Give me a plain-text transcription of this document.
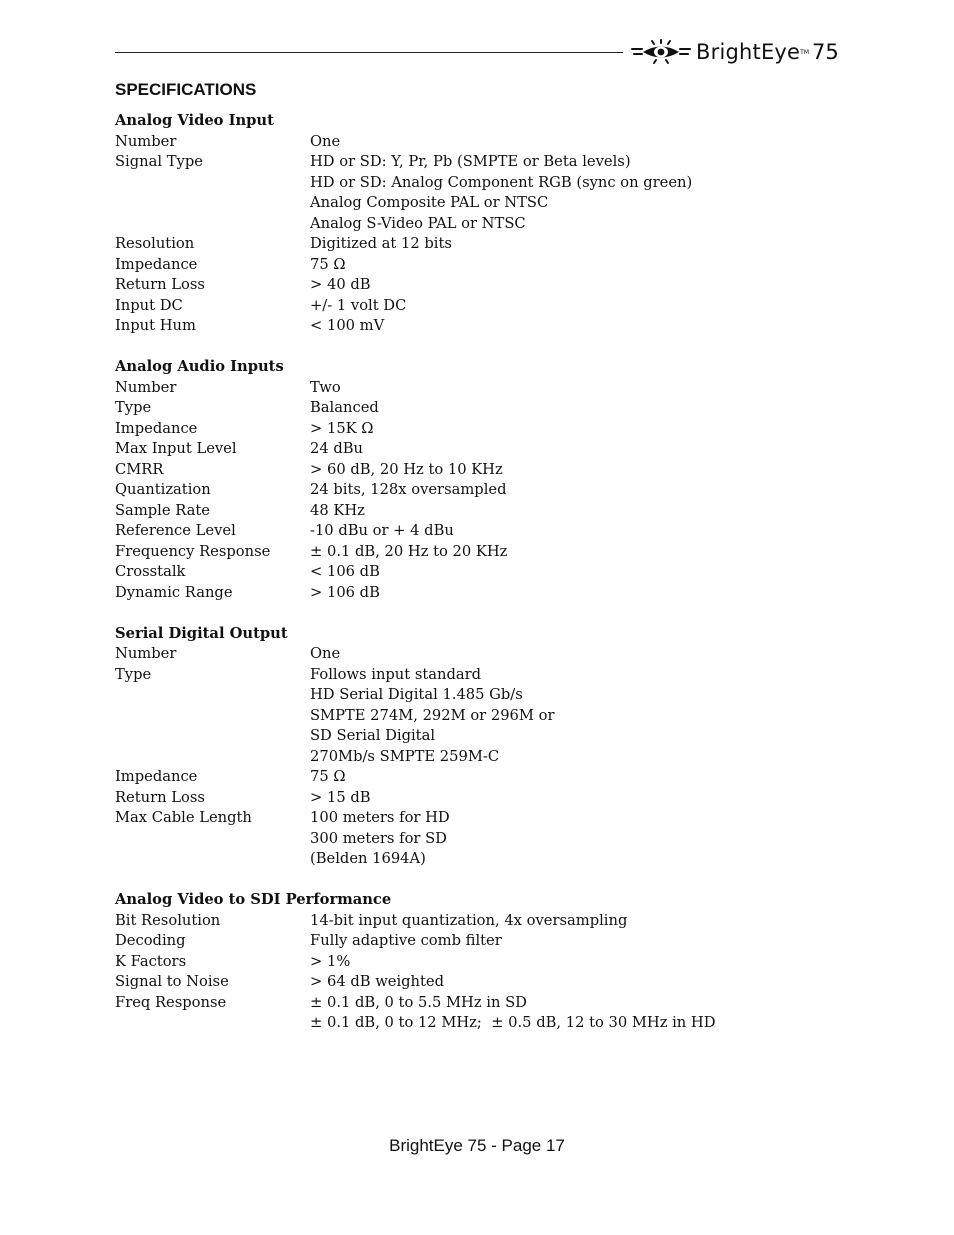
BrightEye TM 75
SPECIFICATIONS
Analog Video Input
Number	One
Signal Type	HD or SD: Y, Pr, Pb (SMPTE or Beta levels)
HD or SD: Analog Component RGB (sync on green)
Analog Composite PAL or NTSC
Analog S-Video PAL or NTSC
Resolution	Digitized at 12 bits
Impedance	75 Ω
Return Loss	> 40 dB
Input DC	+/- 1 volt DC
Input Hum	< 100 mV
Analog Audio Inputs
Number	Two
Type	Balanced
Impedance	> 15K Ω
Max Input Level	24 dBu
CMRR	> 60 dB, 20 Hz to 10 KHz
Quantization	24 bits, 128x oversampled
Sample Rate	48 KHz
Reference Level	-10 dBu or + 4 dBu
Frequency Response	± 0.1 dB, 20 Hz to 20 KHz
Crosstalk	< 106 dB
Dynamic Range	> 106 dB
Serial Digital Output
Number	One
Type	Follows input standard
HD Serial Digital 1.485 Gb/s
SMPTE 274M, 292M or 296M or
SD Serial Digital
270Mb/s SMPTE 259M-C
Impedance	75 Ω
Return Loss	> 15 dB
Max Cable Length	100 meters for HD
300 meters for SD
(Belden 1694A)
Analog Video to SDI Performance
Bit Resolution	14-bit input quantization, 4x oversampling
Decoding	Fully adaptive comb filter
K Factors	> 1%
Signal to Noise	> 64 dB weighted
Freq Response	± 0.1 dB, 0 to 5.5 MHz in SD
± 0.1 dB, 0 to 12 MHz;  ± 0.5 dB, 12 to 30 MHz in HD
BrightEye 75 - Page 17
